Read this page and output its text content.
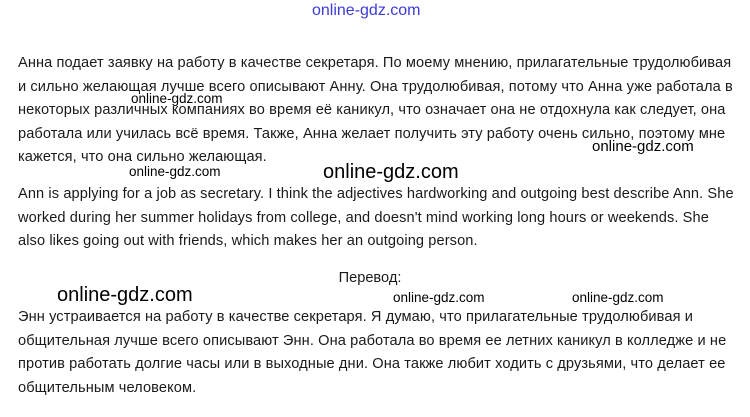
online-gdz.com

Анна подает заявку на работу в качестве секретаря. По моему мнению, прилагательные трудолюбивая и сильно желающая лучше всего описывают Анну. Она трудолюбивая, потому что Анна уже работала в некоторых различных компаниях во время её каникул, что означает она не отдохнула как следует, она работала или училась всё время. Также, Анна желает получить эту работу очень сильно, поэтому мне кажется, что она сильно желающая.

Ann is applying for a job as secretary. I think the adjectives hardworking and outgoing best describe Ann. She worked during her summer holidays from college, and doesn't mind working long hours or weekends. She also likes going out with friends, which makes her an outgoing person.

Перевод:

Энн устраивается на работу в качестве секретаря. Я думаю, что прилагательные трудолюбивая и общительная лучше всего описывают Энн. Она работала во время ее летних каникул в колледже и не против работать долгие часы или в выходные дни. Она также любит ходить с друзьями, что делает ее общительным человеком.

online-gdz.com
online-gdz.com
online-gdz.com
online-gdz.com
online-gdz.com	online-gdz.com	online-gdz.com
